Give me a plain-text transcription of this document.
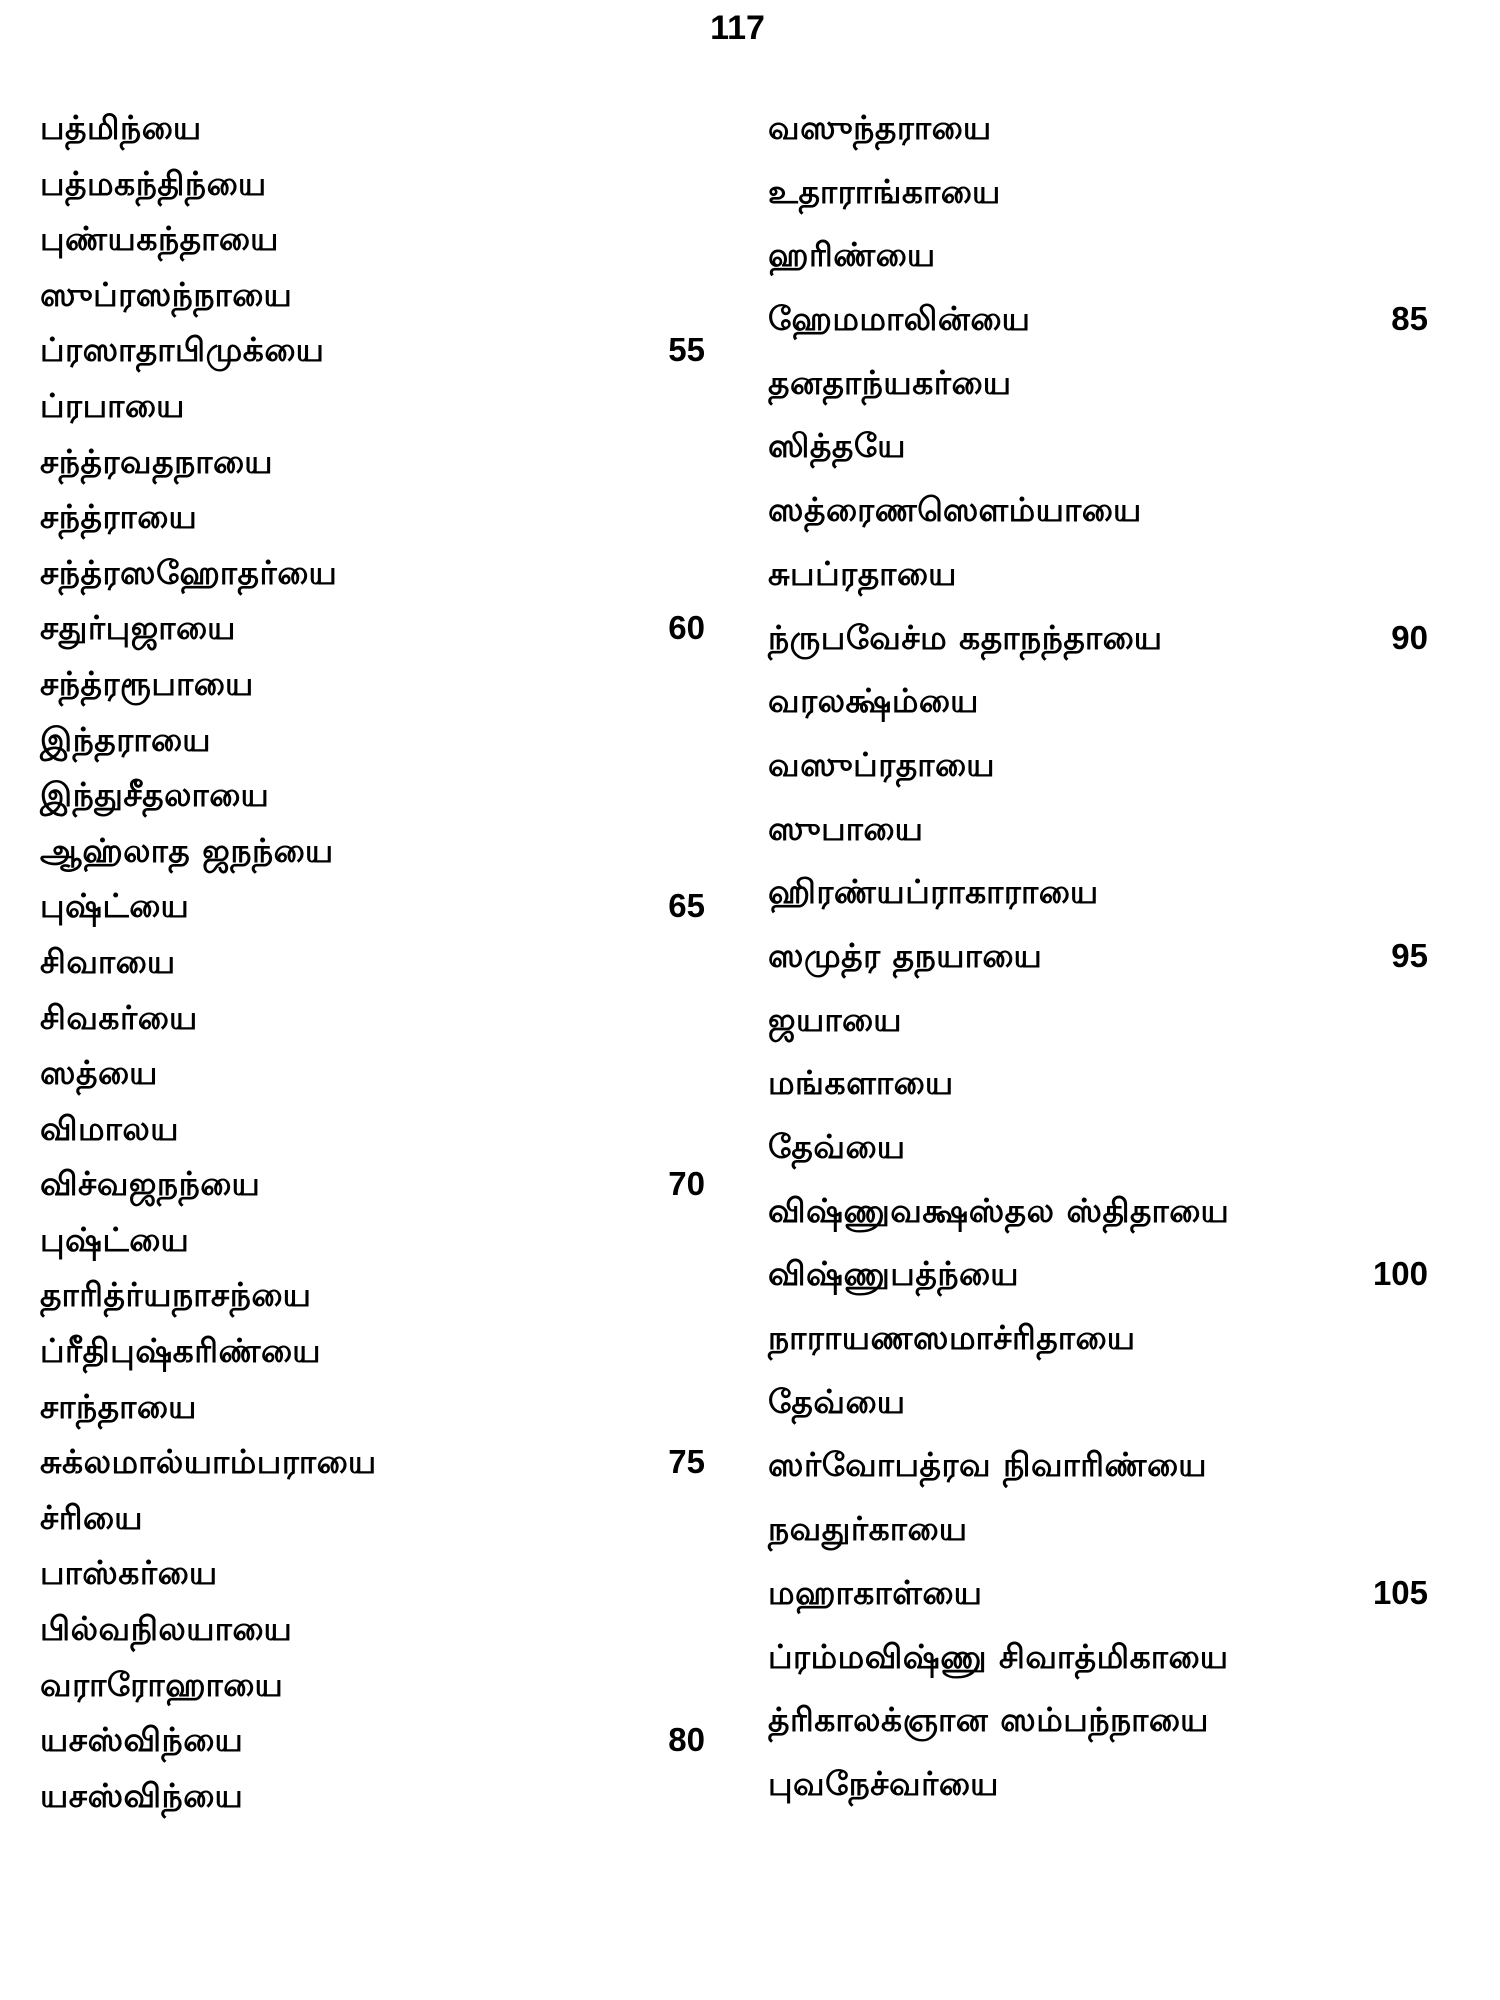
117
பத்மிந்யை
பத்மகந்திந்யை
புண்யகந்தாயை
ஸுப்ரஸந்நாயை
ப்ரஸாதாபிமுக்யை	55
ப்ரபாயை
சந்த்ரவதநாயை
சந்த்ராயை
சந்த்ரஸஹோதர்யை
சதுர்புஜாயை	60
சந்த்ரரூபாயை
இந்தராயை
இந்துசீதலாயை
ஆஹ்லாத ஜநந்யை
புஷ்ட்யை	65
சிவாயை
சிவகர்யை
ஸத்யை
விமாலய
விச்வஜநந்யை	70
புஷ்ட்யை
தாரித்ர்யநாசந்யை
ப்ரீதிபுஷ்கரிண்யை
சாந்தாயை
சுக்லமால்யாம்பராயை	75
ச்ரியை
பாஸ்கர்யை
பில்வநிலயாயை
வராரோஹாயை
யசஸ்விந்யை	80
யசஸ்விந்யை
வஸுந்தராயை
உதாராங்காயை
ஹரிண்யை
ஹேமமாலின்யை	85
தனதாந்யகர்யை
ஸித்தயே
ஸத்ரைணஸௌம்யாயை
சுபப்ரதாயை
ந்ருபவேச்ம கதாநந்தாயை	90
வரலக்ஷ்ம்யை
வஸுப்ரதாயை
ஸுபாயை
ஹிரண்யப்ராகாராயை
ஸமுத்ர தநயாயை	95
ஜயாயை
மங்களாயை
தேவ்யை
விஷ்ணுவக்ஷஸ்தல ஸ்திதாயை
விஷ்ணுபத்ந்யை	100
நாராயணஸமாச்ரிதாயை
தேவ்யை
ஸர்வோபத்ரவ நிவாரிண்யை
நவதுர்காயை
மஹாகாள்யை	105
ப்ரம்மவிஷ்ணு சிவாத்மிகாயை
த்ரிகாலக்ஞான ஸம்பந்நாயை
புவநேச்வர்யை
